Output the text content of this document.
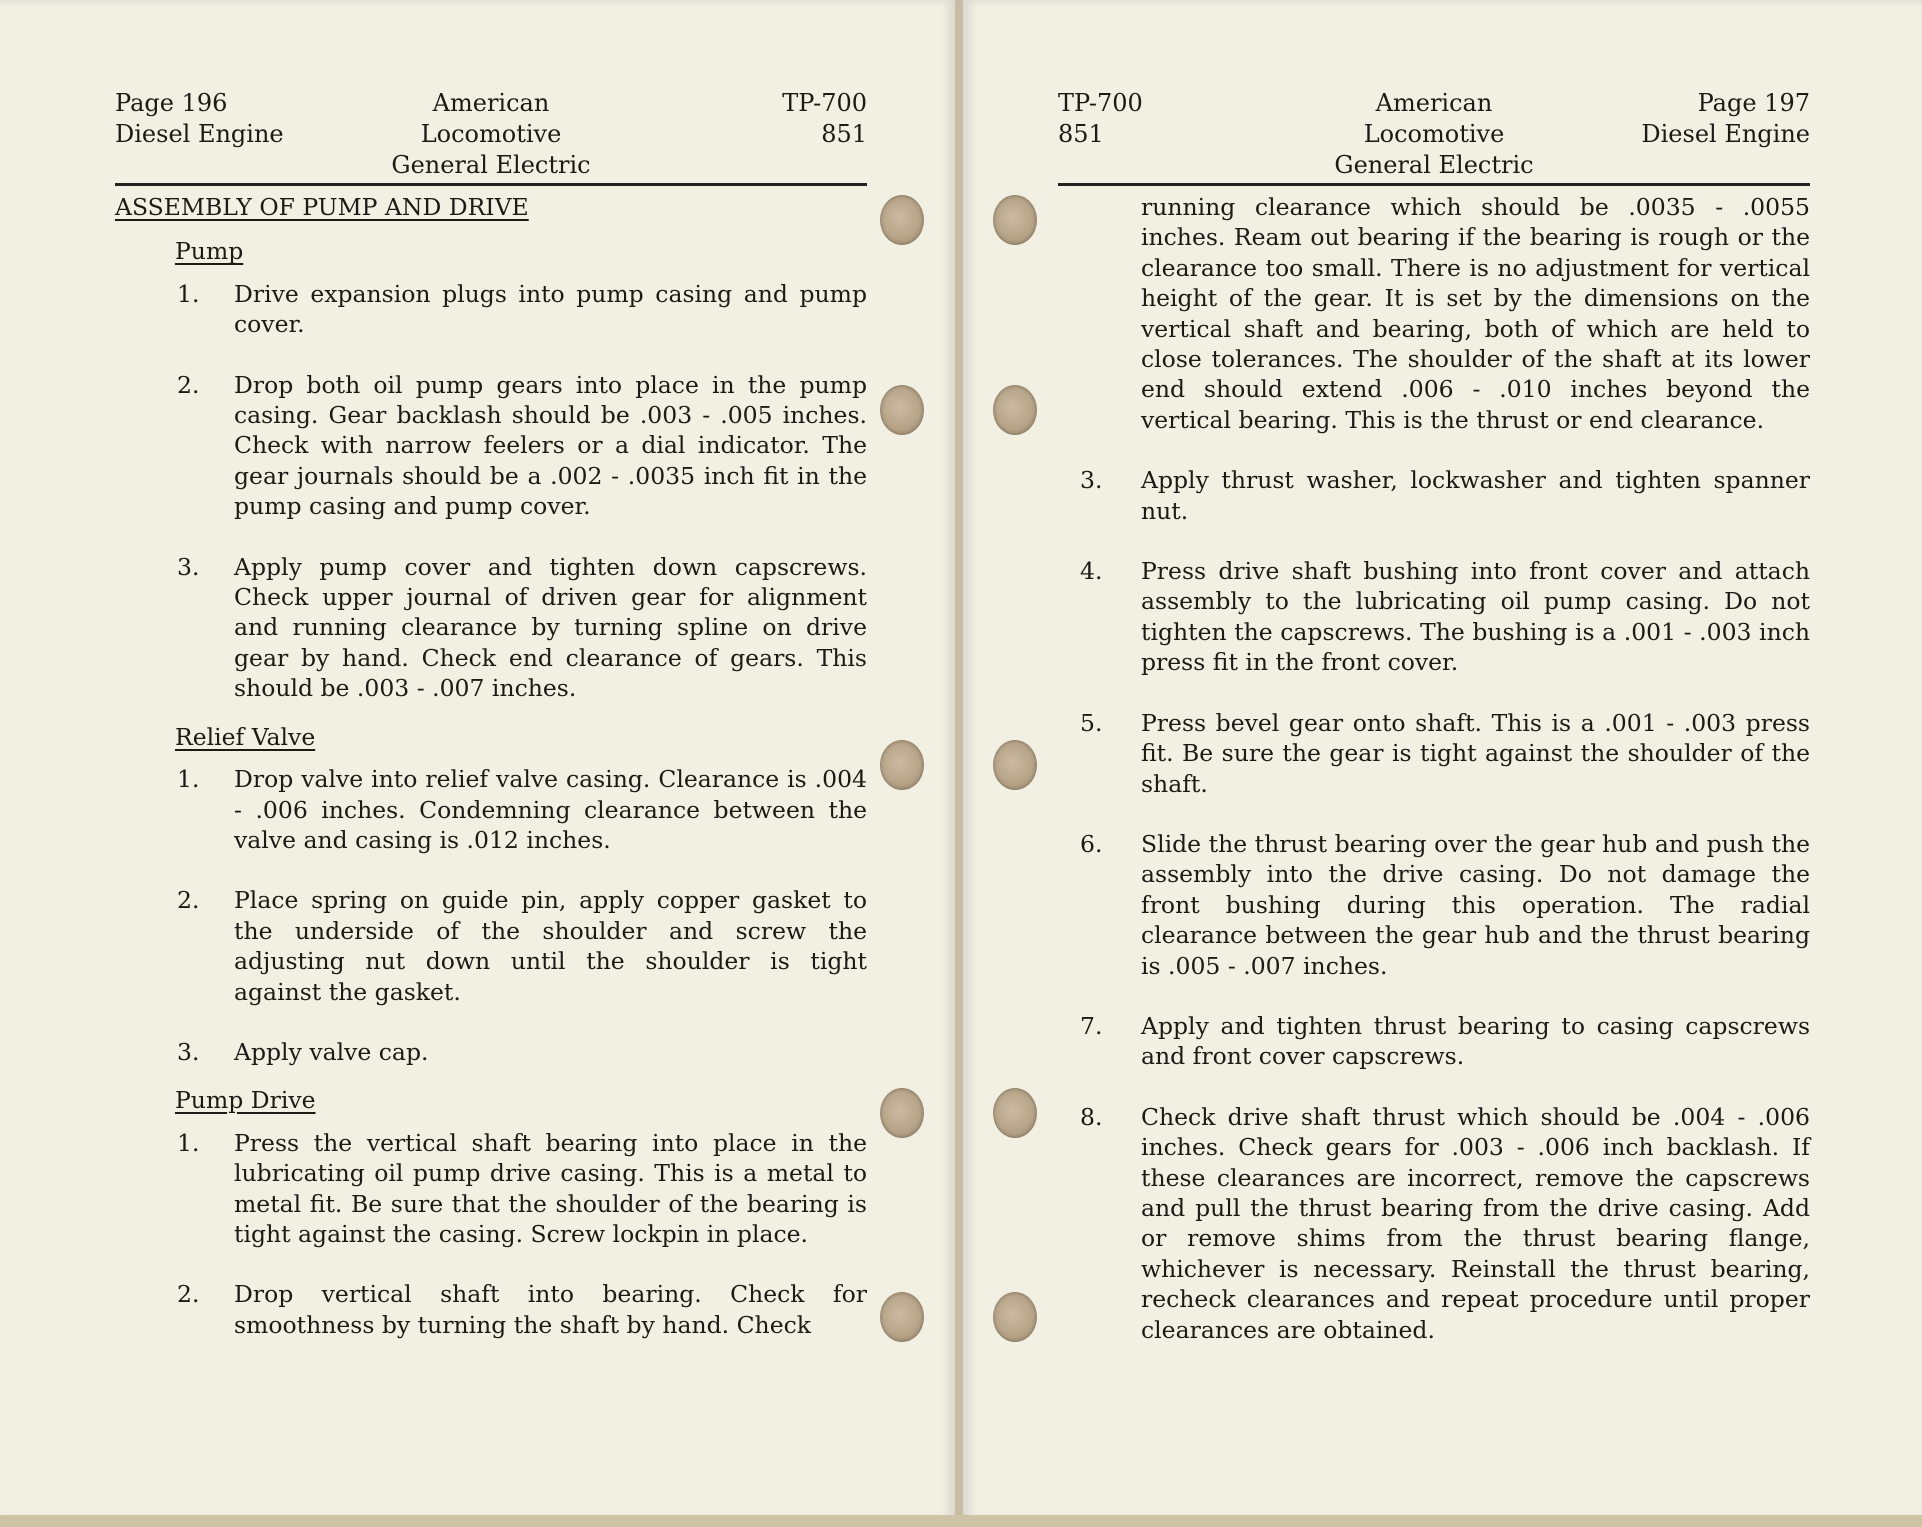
Page 196
Diesel Engine
American Locomotive
General Electric
TP-700
851
ASSEMBLY OF PUMP AND DRIVE
Pump
1.	Drive expansion plugs into pump casing and pump cover.
2.	Drop both oil pump gears into place in the pump casing. Gear backlash should be .003 - .005 inches. Check with narrow feelers or a dial indicator. The gear journals should be a .002 - .0035 inch fit in the pump casing and pump cover.
3.	Apply pump cover and tighten down capscrews. Check upper journal of driven gear for alignment and running clearance by turning spline on drive gear by hand. Check end clearance of gears. This should be .003 - .007 inches.
Relief Valve
1.	Drop valve into relief valve casing. Clearance is .004 - .006 inches. Condemning clearance between the valve and casing is .012 inches.
2.	Place spring on guide pin, apply copper gasket to the underside of the shoulder and screw the adjusting nut down until the shoulder is tight against the gasket.
3.	Apply valve cap.
Pump Drive
1.	Press the vertical shaft bearing into place in the lubricating oil pump drive casing. This is a metal to metal fit. Be sure that the shoulder of the bearing is tight against the casing. Screw lockpin in place.
2.	Drop vertical shaft into bearing. Check for smoothness by turning the shaft by hand. Check
TP-700
851
American Locomotive
General Electric
Page 197
Diesel Engine
running clearance which should be .0035 - .0055 inches. Ream out bearing if the bearing is rough or the clearance too small. There is no adjustment for vertical height of the gear. It is set by the dimensions on the vertical shaft and bearing, both of which are held to close tolerances. The shoulder of the shaft at its lower end should extend .006 - .010 inches beyond the vertical bearing. This is the thrust or end clearance.
3.	Apply thrust washer, lockwasher and tighten spanner nut.
4.	Press drive shaft bushing into front cover and attach assembly to the lubricating oil pump casing. Do not tighten the capscrews. The bushing is a .001 - .003 inch press fit in the front cover.
5.	Press bevel gear onto shaft. This is a .001 - .003 press fit. Be sure the gear is tight against the shoulder of the shaft.
6.	Slide the thrust bearing over the gear hub and push the assembly into the drive casing. Do not damage the front bushing during this operation. The radial clearance between the gear hub and the thrust bearing is .005 - .007 inches.
7.	Apply and tighten thrust bearing to casing capscrews and front cover capscrews.
8.	Check drive shaft thrust which should be .004 - .006 inches. Check gears for .003 - .006 inch backlash. If these clearances are incorrect, remove the capscrews and pull the thrust bearing from the drive casing. Add or remove shims from the thrust bearing flange, whichever is necessary. Reinstall the thrust bearing, recheck clearances and repeat procedure until proper clearances are obtained.
